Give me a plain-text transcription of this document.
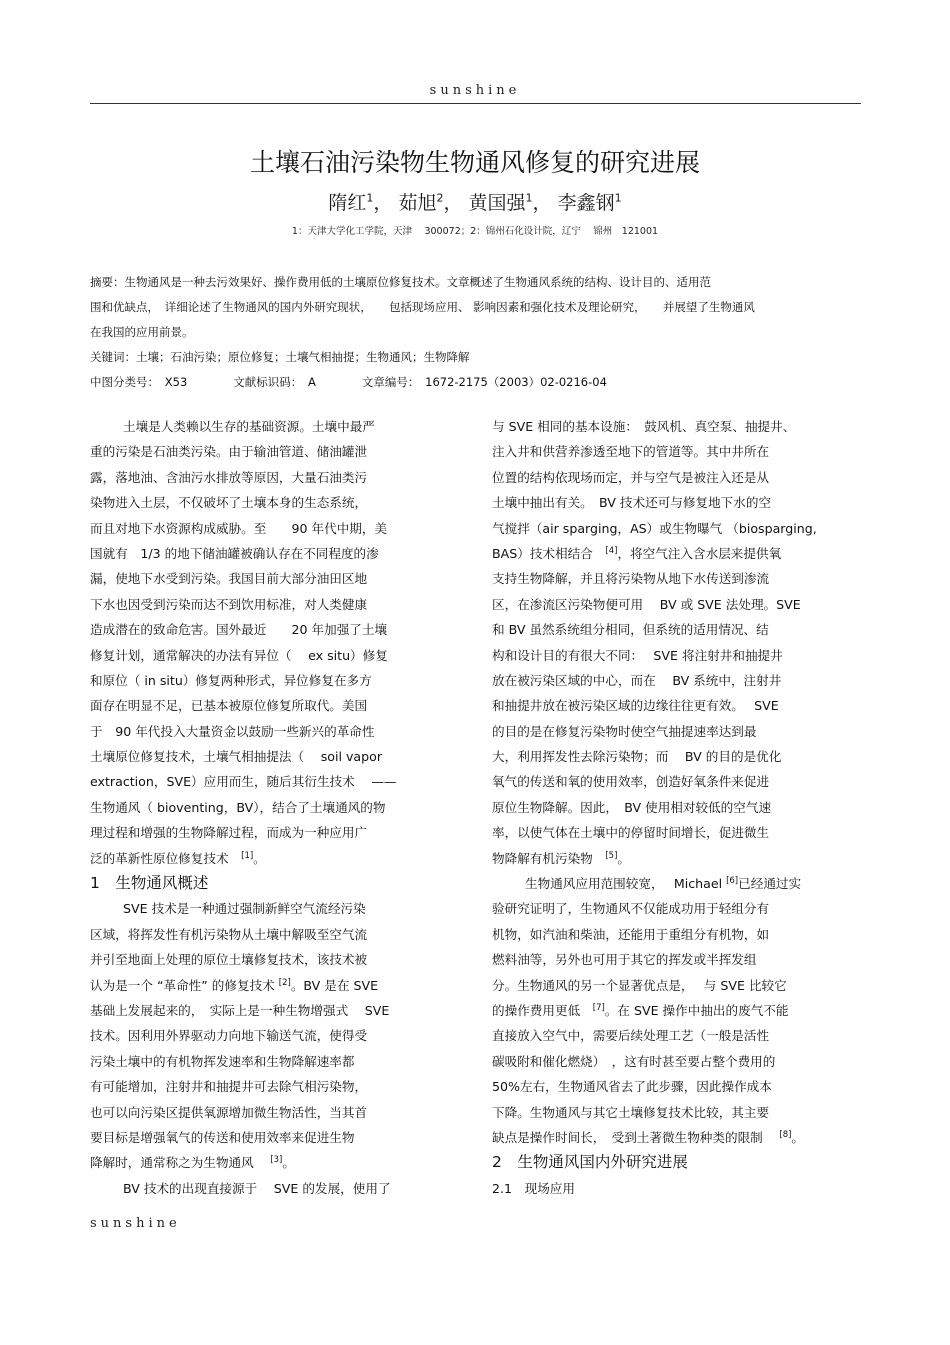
sunshine
土壤石油污染物生物通风修复的研究进展
隋红$^1$， 茹旭$^2$， 黄国强$^1$， 李鑫钢$^1$
1：天津大学化工学院，天津　 300072；2：锦州石化设计院，辽宁　 锦州　121001
摘要：生物通风是一种去污效果好、操作费用低的土壤原位修复技术。文章概述了生物通风系统的结构、设计目的、适用范
围和优缺点，　详细论述了生物通风的国内外研究现状，　　包括现场应用、 影响因素和强化技术及理论研究，　　并展望了生物通风
在我国的应用前景。
关键词：土壤；石油污染；原位修复；土壤气相抽提；生物通风；生物降解
中图分类号：　X53　　　　文献标识码：　A　　　　文章编号：　1672-2175（2003）02-0216-04
土壤是人类赖以生存的基础资源。土壤中最严
重的污染是石油类污染。由于输油管道、储油罐泄
露，落地油、含油污水排放等原因，大量石油类污
染物进入土层，不仅破坏了土壤本身的生态系统，
而且对地下水资源构成威胁。至　　90 年代中期，美
国就有　1/3 的地下储油罐被确认存在不同程度的渗
漏，使地下水受到污染。我国目前大部分油田区地
下水也因受到污染而达不到饮用标准，对人类健康
造成潜在的致命危害。国外最近　　20 年加强了土壤
修复计划，通常解决的办法有异位（　 ex situ）修复
和原位（ in situ）修复两种形式，异位修复在多方
面存在明显不足，已基本被原位修复所取代。美国
于　90 年代投入大量资金以鼓励一些新兴的革命性
土壤原位修复技术，土壤气相抽提法（　 soil vapor
extraction，SVE）应用而生，随后其衍生技术　 ——
生物通风（ bioventing，BV），结合了土壤通风的物
理过程和增强的生物降解过程，而成为一种应用广
泛的革新性原位修复技术　[1]。
1　生物通风概述
SVE 技术是一种通过强制新鲜空气流经污染
区域，将挥发性有机污染物从土壤中解吸至空气流
并引至地面上处理的原位土壤修复技术，该技术被
认为是一个 “革命性” 的修复技术 [2]。BV 是在 SVE
基础上发展起来的，　实际上是一种生物增强式　 SVE
技术。因利用外界驱动力向地下输送气流，使得受
污染土壤中的有机物挥发速率和生物降解速率都
有可能增加，注射井和抽提井可去除气相污染物，
也可以向污染区提供氧源增加微生物活性，当其首
要目标是增强氧气的传送和使用效率来促进生物
降解时，通常称之为生物通风　 [3]。
BV 技术的出现直接源于　 SVE 的发展，使用了
与 SVE 相同的基本设施：　鼓风机、真空泵、抽提井、
注入井和供营养渗透至地下的管道等。其中井所在
位置的结构依现场而定，并与空气是被注入还是从
土壤中抽出有关。　BV 技术还可与修复地下水的空
气搅拌（air sparging，AS）或生物曝气 （biosparging,
BAS）技术相结合　[4]，将空气注入含水层来提供氧
支持生物降解，并且将污染物从地下水传送到渗流
区，在渗流区污染物便可用　 BV 或 SVE 法处理。SVE
和 BV 虽然系统组分相同，但系统的适用情况、结
构和设计目的有很大不同：　 SVE 将注射井和抽提井
放在被污染区域的中心，而在　 BV 系统中，注射井
和抽提井放在被污染区域的边缘往往更有效。　 SVE
的目的是在修复污染物时使空气抽提速率达到最
大，利用挥发性去除污染物；而　 BV 的目的是优化
氧气的传送和氧的使用效率，创造好氧条件来促进
原位生物降解。因此，　BV 使用相对较低的空气速
率，以使气体在土壤中的停留时间增长，促进微生
物降解有机污染物　[5]。
生物通风应用范围较宽，　 Michael [6]已经通过实
验研究证明了，生物通风不仅能成功用于轻组分有
机物，如汽油和柴油，还能用于重组分有机物，如
燃料油等，另外也可用于其它的挥发或半挥发组
分。生物通风的另一个显著优点是，　 与 SVE 比较它
的操作费用更低　[7]。在 SVE 操作中抽出的废气不能
直接放入空气中，需要后续处理工艺（一般是活性
碳吸附和催化燃烧）　，这有时甚至要占整个费用的
50%左右，生物通风省去了此步骤，因此操作成本
下降。生物通风与其它土壤修复技术比较，其主要
缺点是操作时间长，　受到土著微生物种类的限制　 [8]。
2　生物通风国内外研究进展
2.1　现场应用
sunshine
